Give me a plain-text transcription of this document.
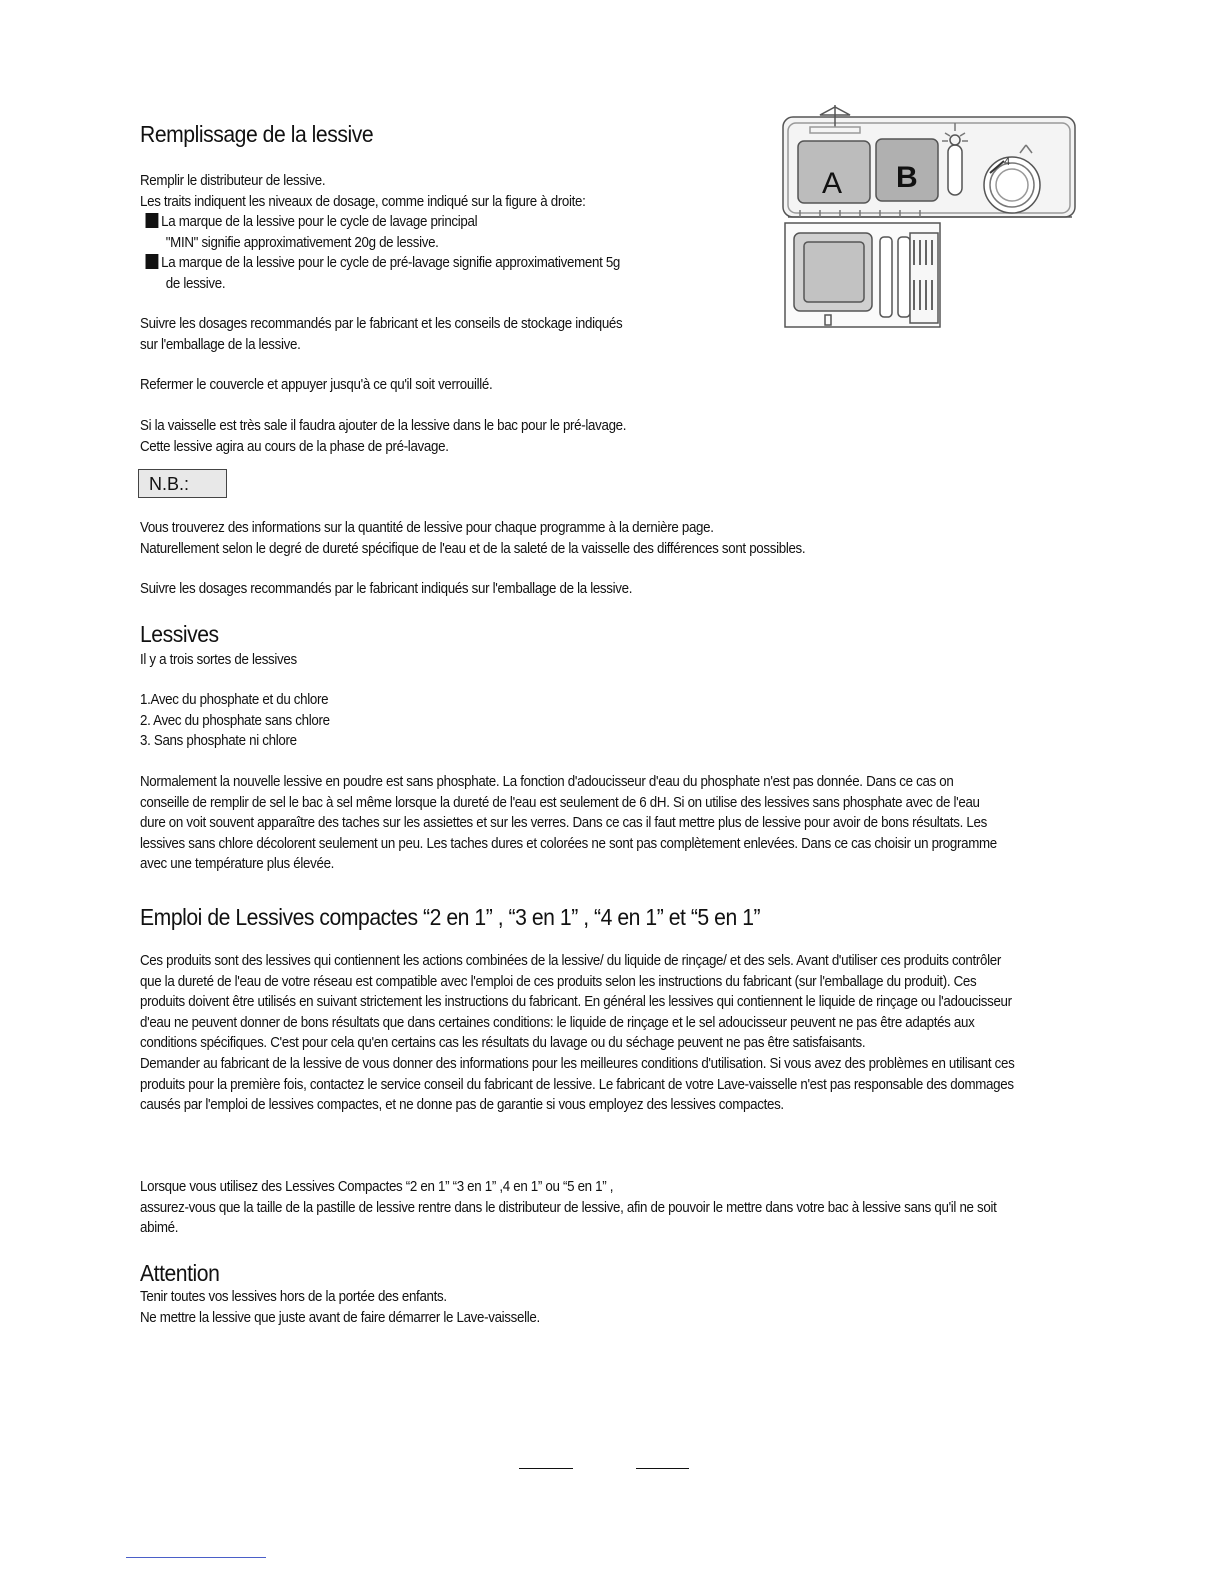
Remplissage de la lessive
Remplir le distributeur de lessive.
Les traits indiquent les niveaux de dosage, comme indiqué sur la figure à droite:
La marque de la lessive pour le cycle de lavage principal
"MIN" signifie approximativement 20g de lessive.
La marque de la lessive pour le cycle de pré-lavage signifie approximativement 5g
de lessive.
Suivre les dosages recommandés par le fabricant et les conseils de stockage indiqués
sur l'emballage de la lessive.
Refermer le couvercle et appuyer jusqu'à ce qu'il soit verrouillé.
Si la vaisselle est très sale il faudra ajouter de la lessive dans le bac pour le pré-lavage.
Cette lessive agira au cours de la phase de pré-lavage.
A B	4
N.B.:
Vous trouverez des informations sur la quantité de lessive pour chaque programme à la dernière page.
Naturellement selon le degré de dureté spécifique de l'eau et de la saleté de la vaisselle des différences sont possibles.
Suivre les dosages recommandés par le fabricant indiqués sur l'emballage de la lessive.
Lessives
Il y a trois sortes de lessives
1.Avec du phosphate et du chlore
2. Avec du phosphate sans chlore
3. Sans phosphate ni chlore
Normalement la nouvelle lessive en poudre est sans phosphate. La fonction d'adoucisseur d'eau du phosphate n'est pas donnée. Dans ce cas on
conseille de remplir de sel le bac à sel même lorsque la dureté de l'eau est seulement de 6 dH. Si on utilise des lessives sans phosphate avec de l'eau
dure on voit souvent apparaître des taches sur les assiettes et sur les verres. Dans ce cas il faut mettre plus de lessive pour avoir de bons résultats. Les
lessives sans chlore décolorent seulement un peu. Les taches dures et colorées ne sont pas complètement enlevées. Dans ce cas choisir un programme
avec une température plus élevée.
Emploi de Lessives compactes “2 en 1” , “3 en 1” , “4 en 1” et “5 en 1”
Ces produits sont des lessives qui contiennent les actions combinées de la lessive/ du liquide de rinçage/ et des sels. Avant d'utiliser ces produits contrôler
que la dureté de l'eau de votre réseau est compatible avec l'emploi de ces produits selon les instructions du fabricant (sur l'emballage du produit). Ces
produits doivent être utilisés en suivant strictement les instructions du fabricant. En général les lessives qui contiennent le liquide de rinçage ou l'adoucisseur
d'eau ne peuvent donner de bons résultats que dans certaines conditions: le liquide de rinçage et le sel adoucisseur peuvent ne pas être adaptés aux
conditions spécifiques. C'est pour cela qu'en certains cas les résultats du lavage ou du séchage peuvent ne pas être satisfaisants.
Demander au fabricant de la lessive de vous donner des informations pour les meilleures conditions d'utilisation. Si vous avez des problèmes en utilisant ces
produits pour la première fois, contactez le service conseil du fabricant de lessive. Le fabricant de votre Lave-vaisselle n'est pas responsable des dommages
causés par l'emploi de lessives compactes, et ne donne pas de garantie si vous employez des lessives compactes.
Lorsque vous utilisez des Lessives Compactes “2 en 1” “3 en 1” ,4 en 1” ou “5 en 1” ,
assurez-vous que la taille de la pastille de lessive rentre dans le distributeur de lessive, afin de pouvoir le mettre dans votre bac à lessive sans qu'il ne soit
abimé.
Attention
Tenir toutes vos lessives hors de la portée des enfants.
Ne mettre la lessive que juste avant de faire démarrer le Lave-vaisselle.
